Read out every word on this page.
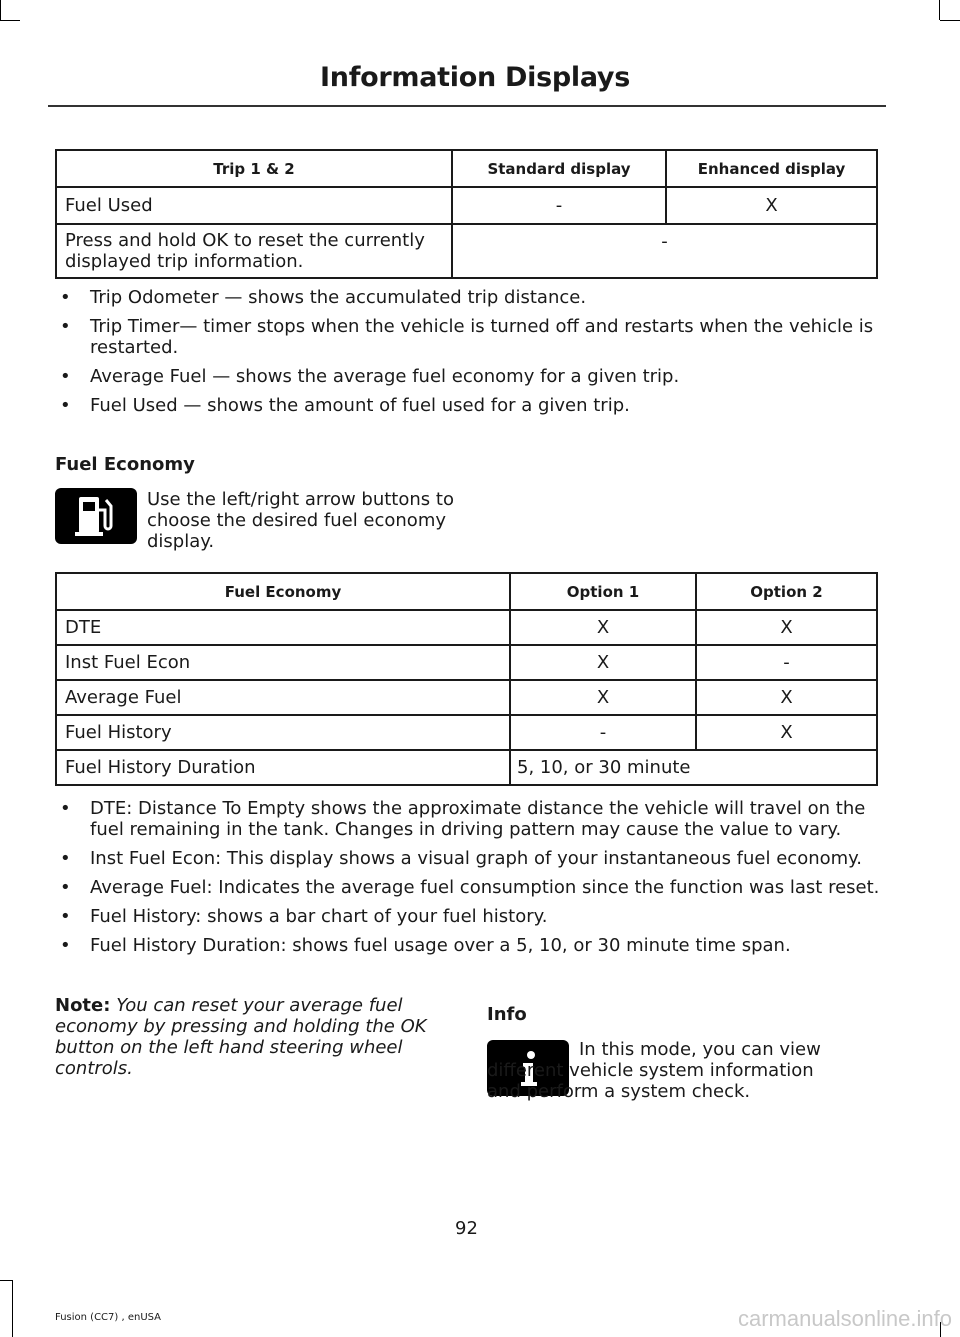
Information Displays
Trip 1 & 2	Standard display	Enhanced display
Fuel Used	-	X
Press and hold OK to reset the currently displayed trip information.	-	
• Trip Odometer — shows the accumulated trip distance.
• Trip Timer— timer stops when the vehicle is turned off and restarts when the vehicle is restarted.
• Average Fuel — shows the average fuel economy for a given trip.
• Fuel Used — shows the amount of fuel used for a given trip.
Fuel Economy
Use the left/right arrow buttons to choose the desired fuel economy display.
Fuel Economy	Option 1	Option 2
DTE	X	X
Inst Fuel Econ	X	-
Average Fuel	X	X
Fuel History	-	X
Fuel History Duration	5, 10, or 30 minute	
• DTE: Distance To Empty shows the approximate distance the vehicle will travel on the fuel remaining in the tank. Changes in driving pattern may cause the value to vary.
• Inst Fuel Econ: This display shows a visual graph of your instantaneous fuel economy.
• Average Fuel: Indicates the average fuel consumption since the function was last reset.
• Fuel History: shows a bar chart of your fuel history.
• Fuel History Duration: shows fuel usage over a 5, 10, or 30 minute time span.
Note: You can reset your average fuel economy by pressing and holding the OK button on the left hand steering wheel controls.
Info
In this mode, you can view different vehicle system information and perform a system check.
92
Fusion (CC7) , enUSA	carmanualsonline.info
